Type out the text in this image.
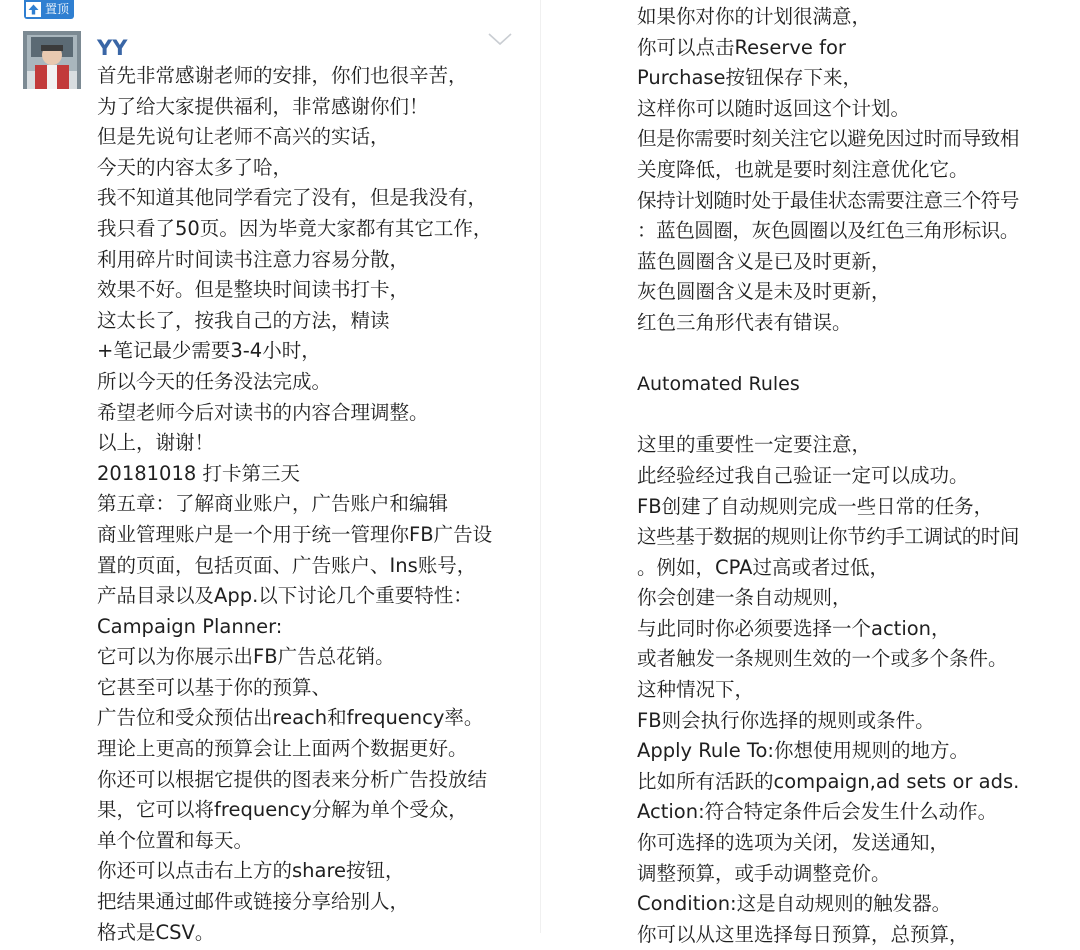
置顶
YY
首先非常感谢老师的安排，你们也很辛苦，
为了给大家提供福利，非常感谢你们！
但是先说句让老师不高兴的实话，
今天的内容太多了哈，
我不知道其他同学看完了没有，但是我没有，
我只看了50页。因为毕竟大家都有其它工作，
利用碎片时间读书注意力容易分散，
效果不好。但是整块时间读书打卡，
这太长了，按我自己的方法，精读
+笔记最少需要3-4小时，
所以今天的任务没法完成。
希望老师今后对读书的内容合理调整。
以上，谢谢！
20181018 打卡第三天
第五章：了解商业账户，广告账户和编辑
商业管理账户是一个用于统一管理你FB广告设
置的页面，包括页面、广告账户、Ins账号，
产品目录以及App.以下讨论几个重要特性：
Campaign Planner:
它可以为你展示出FB广告总花销。
它甚至可以基于你的预算、
广告位和受众预估出reach和frequency率。
理论上更高的预算会让上面两个数据更好。
你还可以根据它提供的图表来分析广告投放结
果，它可以将frequency分解为单个受众，
单个位置和每天。
你还可以点击右上方的share按钮，
把结果通过邮件或链接分享给别人，
格式是CSV。
如果你对你的计划很满意，
你可以点击Reserve for
Purchase按钮保存下来，
这样你可以随时返回这个计划。
但是你需要时刻关注它以避免因过时而导致相
关度降低，也就是要时刻注意优化它。
保持计划随时处于最佳状态需要注意三个符号
：蓝色圆圈，灰色圆圈以及红色三角形标识。
蓝色圆圈含义是已及时更新，
灰色圆圈含义是未及时更新，
红色三角形代表有错误。
Automated Rules
这里的重要性一定要注意，
此经验经过我自己验证一定可以成功。
FB创建了自动规则完成一些日常的任务，
这些基于数据的规则让你节约手工调试的时间
。例如，CPA过高或者过低，
你会创建一条自动规则，
与此同时你必须要选择一个action，
或者触发一条规则生效的一个或多个条件。
这种情况下，
FB则会执行你选择的规则或条件。
Apply Rule To:你想使用规则的地方。
比如所有活跃的compaign,ad sets or ads.
Action:符合特定条件后会发生什么动作。
你可选择的选项为关闭，发送通知，
调整预算，或手动调整竞价。
Condition:这是自动规则的触发器。
你可以从这里选择每日预算，总预算，
